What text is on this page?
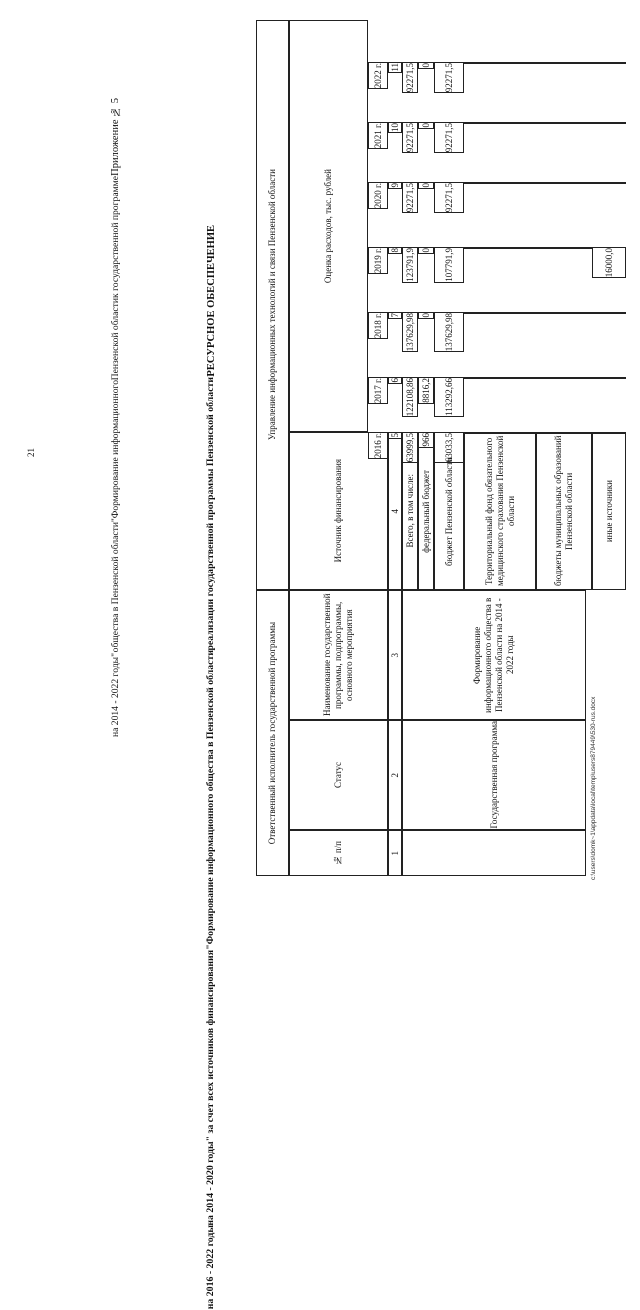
21
Приложение № 5
к государственной программе
Пензенской области
"Формирование информационного
общества в Пензенской области
на 2014 - 2022 годы"
РЕСУРСНОЕ ОБЕСПЕЧЕНИЕ
реализации государственной программы Пензенской области
"Формирование информационного общества в Пензенской области
на 2014 - 2020 годы" за счет всех источников финансирования
на 2016 - 2022 годы
Ответственный исполнитель государственной программы
Управление информационных технологий и связи Пензенской области
№ п/п
Статус
Наименование государственной программы, подпрограммы, основного мероприятия
Источник финансирования
Оценка расходов, тыс. рублей
2016 г.
2017 г.
2018 г.
2019 г.
2020 г.
2021 г.
2022 г.
1
2
3
4
5
6
7
8
9
10
11
Государственная программа
Формирование информационного общества в Пензенской области на 2014 - 2022 годы
Всего, в том числе:
63999,5
122108,86
137629,98
123791,9
92271,5
92271,5
92271,5
федеральный бюджет
966
8816,2
0
0
0
0
0
бюджет Пензенской области
63033,5
113292,66
137629,98
107791,9
92271,5
92271,5
92271,5
Территориальный фонд обязательного медицинского страхования Пензенской области	бюджеты муниципальных образований Пензенской области	иные источники
16000,0
c:\users\domk~1\appdata\local\temp\users879449\530-rus.docx
